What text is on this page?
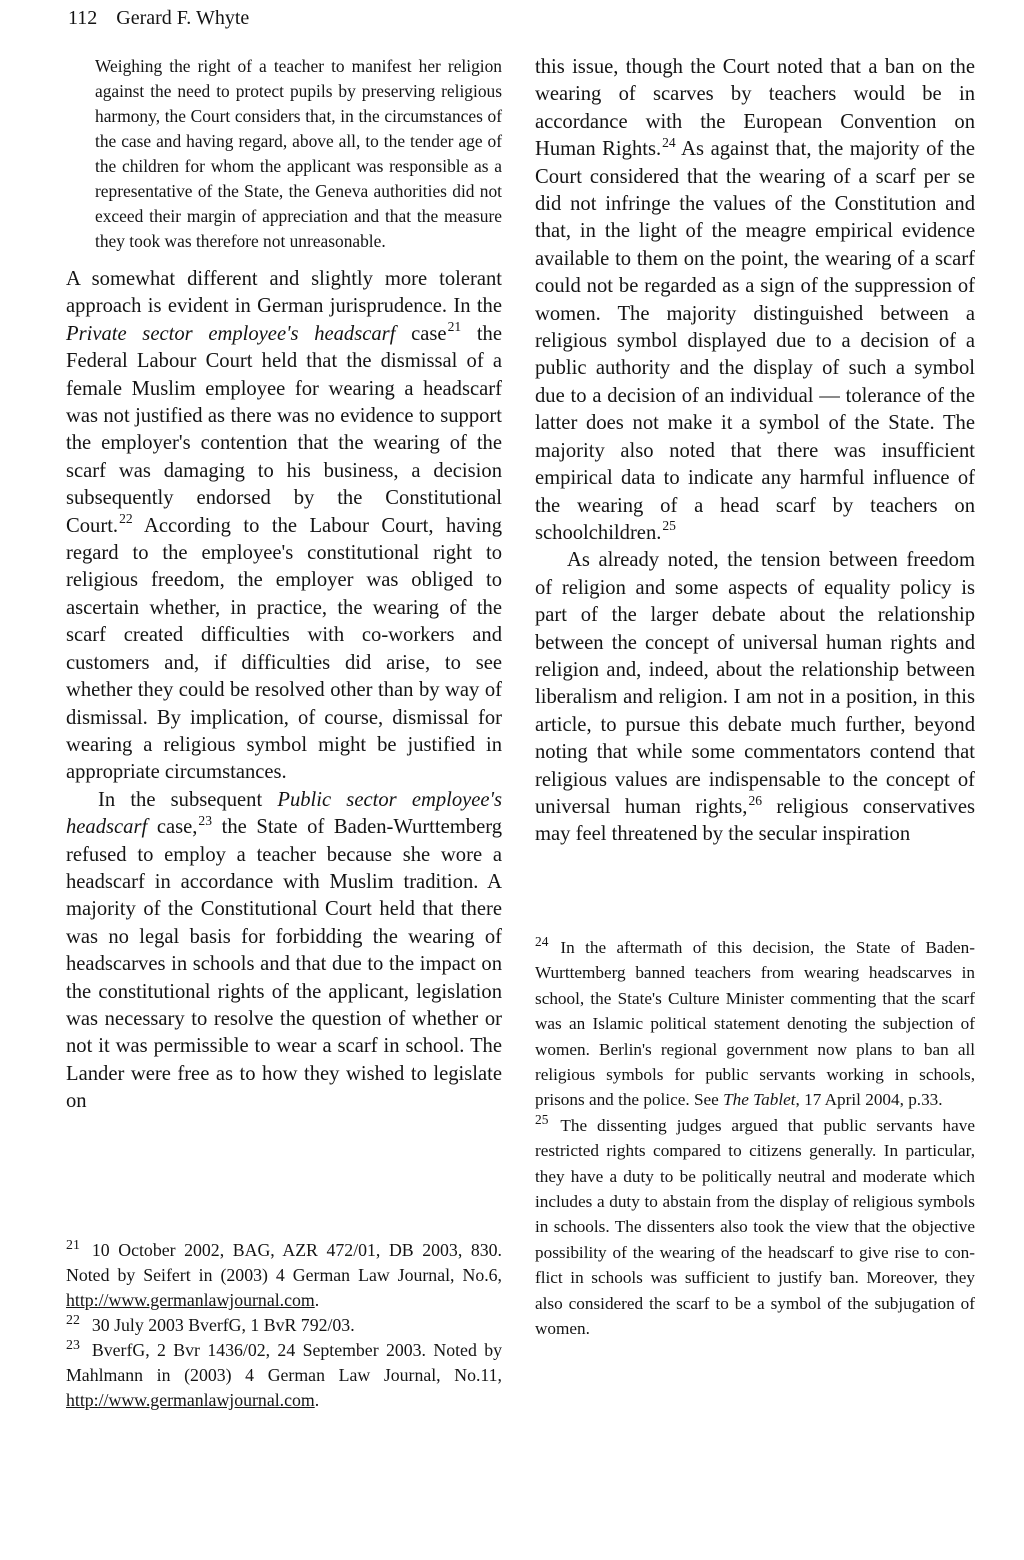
112 Gerard F. Whyte

Weighing the right of a teacher to manifest her religion against the need to protect pupils by preserving religious harmony, the Court considers that, in the circumstances of the case and having regard, above all, to the tender age of the children for whom the applicant was responsible as a representative of the State, the Geneva authorities did not exceed their margin of appreciation and that the measure they took was therefore not unreasonable.

A somewhat different and slightly more tolerant approach is evident in German jurisprudence. In the Private sector employee's headscarf case$^{21}$ the Federal Labour Court held that the dismissal of a female Muslim employee for wearing a headscarf was not justified as there was no evidence to support the employer's contention that the wearing of the scarf was damaging to his business, a decision subsequently endorsed by the Constitutional Court.$^{22}$ According to the Labour Court, having regard to the employee's constitutional right to religious freedom, the employer was obliged to ascertain whether, in practice, the wearing of the scarf created difficulties with co-workers and customers and, if difficulties did arise, to see whether they could be resolved other than by way of dismissal. By implication, of course, dismissal for wearing a religious symbol might be justified in appropriate circumstances.

In the subsequent Public sector employee's headscarf case,$^{23}$ the State of Baden-Wurttemberg refused to employ a teacher because she wore a headscarf in accordance with Muslim tradition. A majority of the Constitutional Court held that there was no legal basis for forbidding the wearing of headscarves in schools and that due to the impact on the constitutional rights of the applicant, legislation was necessary to resolve the question of whether or not it was permissible to wear a scarf in school. The Lander were free as to how they wished to legislate on

this issue, though the Court noted that a ban on the wearing of scarves by teachers would be in accordance with the European Convention on Human Rights.$^{24}$ As against that, the majority of the Court considered that the wearing of a scarf per se did not infringe the values of the Constitution and that, in the light of the meagre empirical evidence available to them on the point, the wearing of a scarf could not be regarded as a sign of the suppression of women. The majority distinguished between a religious symbol displayed due to a decision of a public authority and the display of such a symbol due to a decision of an individual — tolerance of the latter does not make it a symbol of the State. The majority also noted that there was insufficient empirical data to indicate any harmful influence of the wearing of a head scarf by teachers on schoolchildren.$^{25}$

As already noted, the tension between freedom of religion and some aspects of equality policy is part of the larger debate about the relationship between the concept of universal human rights and religion and, indeed, about the relationship between liberalism and religion. I am not in a position, in this article, to pursue this debate much further, beyond noting that while some commentators contend that religious values are indispensable to the concept of universal human rights,$^{26}$ religious conservatives may feel threatened by the secular inspiration

$^{21}$ 10 October 2002, BAG, AZR 472/01, DB 2003, 830. Noted by Seifert in (2003) 4 German Law Journal, No.6, http://www.germanlawjournal.com.

$^{22}$ 30 July 2003 BverfG, 1 BvR 792/03.

$^{23}$ BverfG, 2 Bvr 1436/02, 24 September 2003. Noted by Mahlmann in (2003) 4 German Law Journal, No.11, http://www.germanlawjournal.com.

$^{24}$ In the aftermath of this decision, the State of Baden-Wurttemberg banned teachers from wearing headscarves in school, the State's Culture Minister commenting that the scarf was an Islamic political statement denoting the subjection of women. Berlin's regional government now plans to ban all religious symbols for public servants working in schools, prisons and the police. See The Tablet, 17 April 2004, p.33.

$^{25}$ The dissenting judges argued that public servants have restricted rights compared to citizens generally. In particular, they have a duty to be politically neutral and moderate which includes a duty to abstain from the display of religious symbols in schools. The dissenters also took the view that the objective possibility of the wearing of the headscarf to give rise to conflict in schools was sufficient to justify ban. Moreover, they also considered the scarf to be a symbol of the subjugation of women.
